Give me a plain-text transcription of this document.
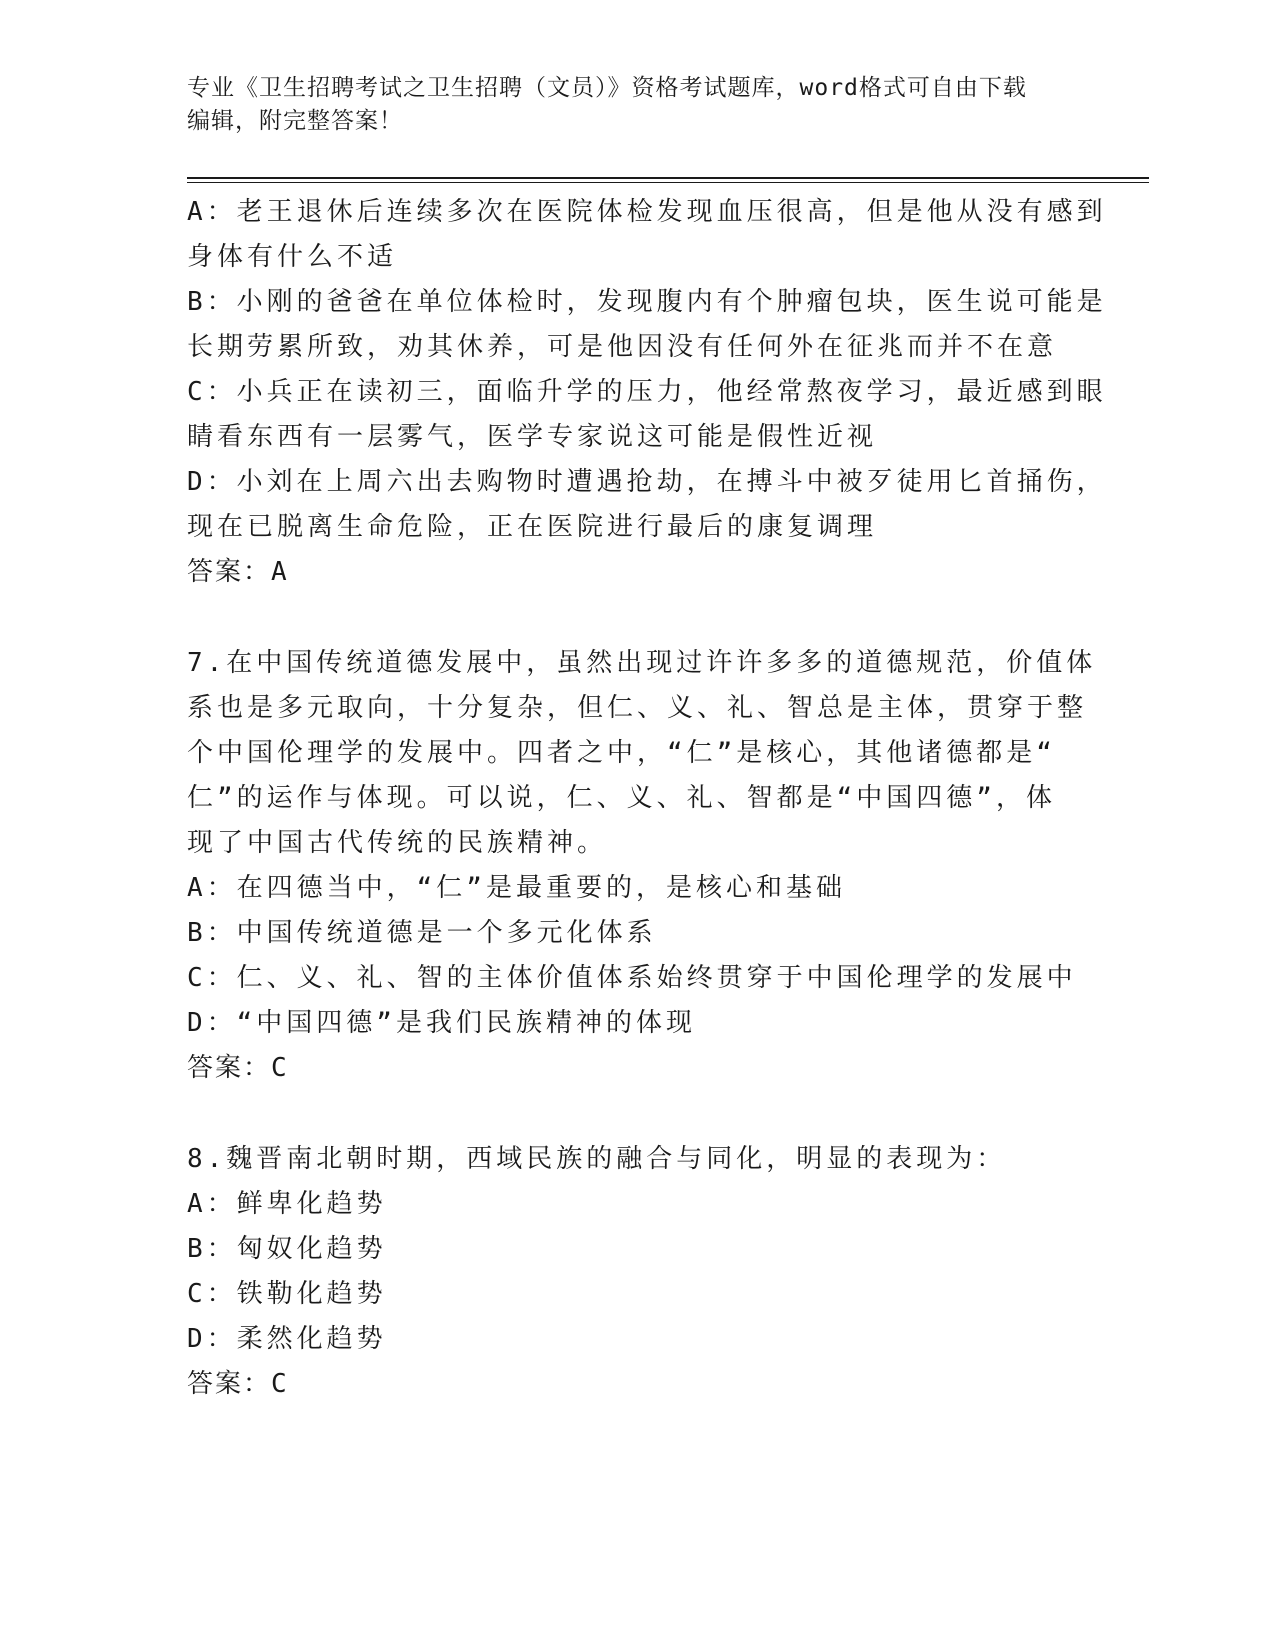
专业《卫生招聘考试之卫生招聘（文员）》资格考试题库，word格式可自由下载
编辑，附完整答案！
A：老王退休后连续多次在医院体检发现血压很高，但是他从没有感到
身体有什么不适
B：小刚的爸爸在单位体检时，发现腹内有个肿瘤包块，医生说可能是
长期劳累所致，劝其休养，可是他因没有任何外在征兆而并不在意
C：小兵正在读初三，面临升学的压力，他经常熬夜学习，最近感到眼
睛看东西有一层雾气，医学专家说这可能是假性近视
D：小刘在上周六出去购物时遭遇抢劫，在搏斗中被歹徒用匕首捅伤，
现在已脱离生命危险，正在医院进行最后的康复调理
答案：A
7.在中国传统道德发展中，虽然出现过许许多多的道德规范，价值体
系也是多元取向，十分复杂，但仁、义、礼、智总是主体，贯穿于整
个中国伦理学的发展中。四者之中，“仁”是核心，其他诸德都是“
仁”的运作与体现。可以说，仁、义、礼、智都是“中国四德”，体
现了中国古代传统的民族精神。
A：在四德当中，“仁”是最重要的，是核心和基础
B：中国传统道德是一个多元化体系
C：仁、义、礼、智的主体价值体系始终贯穿于中国伦理学的发展中
D：“中国四德”是我们民族精神的体现
答案：C
8.魏晋南北朝时期，西域民族的融合与同化，明显的表现为：
A：鲜卑化趋势
B：匈奴化趋势
C：铁勒化趋势
D：柔然化趋势
答案：C
